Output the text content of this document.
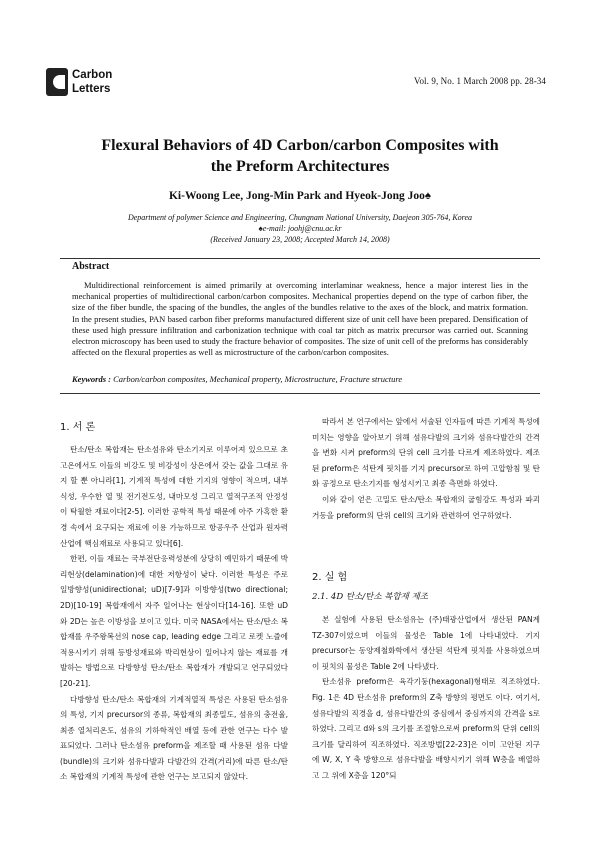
Carbon
Letters
Vol. 9, No. 1 March 2008 pp. 28-34
Flexural Behaviors of 4D Carbon/carbon Composites with
the Preform Architectures
Ki-Woong Lee, Jong-Min Park and Hyeok-Jong Joo♠
Department of polymer Science and Engineering, Chungnam National University, Daejeon 305-764, Korea
♠e-mail: joohj@cnu.ac.kr
(Received January 23, 2008; Accepted March 14, 2008)
Abstract
Multidirectional reinforcement is aimed primarily at overcoming interlaminar weakness, hence a major interest lies in the mechanical properties of multidirectional carbon/carbon composites. Mechanical properties depend on the type of carbon fiber, the size of the fiber bundle, the spacing of the bundles, the angles of the bundles relative to the axes of the block, and matrix formation. In the present studies, PAN based carbon fiber preforms manufactured different size of unit cell have been prepared. Densification of these used high pressure infiltration and carbonization technique with coal tar pitch as matrix precursor was carried out. Scanning electron microscopy has been used to study the fracture behavior of composites. The size of unit cell of the preforms has considerably affected on the flexural properties as well as microstructure of the carbon/carbon composites.
Keywords : Carbon/carbon composites, Mechanical property, Microstructure, Fracture structure
1. 서 론

탄소/탄소 복합재는 탄소섬유와 탄소기지로 이루어져 있으므로 초고온에서도 이들의 비강도 및 비강성이 상온에서 갖는 값을 그대로 유지 할 뿐 아니라[1], 기계적 특성에 대한 기지의 영향이 적으며, 내부식성, 우수한 열 및 전기전도성, 내마모성 그리고 열적구조적 안정성이 탁월한 재료이다[2-5]. 이러한 공학적 특성 때문에 아주 가혹한 환경 속에서 요구되는 재료에 이용 가능하므로 항공우주 산업과 원자력산업에 핵심재료로 사용되고 있다[6].

한편, 이들 재료는 국부전단응력성분에 상당히 예민하기 때문에 박리현상(delamination)에 대한 저항성이 낮다. 이러한 특성은 주로 일방향성(unidirectional; uD)[7-9]과 이방향성(two directional; 2D)[10-19] 복합재에서 자주 일어나는 현상이다[14-16]. 또한 uD와 2D는 높은 이방성을 보이고 있다. 미국 NASA에서는 탄소/탄소 복합재를 우주왕복선의 nose cap, leading edge 그리고 로켓 노즐에 적용시키기 위해 등방성재료와 박리현상이 일어나지 않는 재료를 개발하는 방법으로 다방향성 탄소/탄소 복합재가 개발되고 연구되었다[20-21].

다방향성 탄소/탄소 복합재의 기계적열적 특성은 사용된 탄소섬유의 특성, 기지 precursor의 종류, 복합재의 최종밀도, 섬유의 충전율, 최종 열처리온도, 섬유의 기하학적인 배열 등에 관한 연구는 다수 발표되었다. 그러나 탄소섬유 preform을 제조할 때 사용된 섬유 다발(bundle)의 크기와 섬유다발과 다발간의 간격(거리)에 따른 탄소/탄소 복합재의 기계적 특성에 관한 연구는 보고되지 않았다.

따라서 본 연구에서는 앞에서 서술된 인자들에 따른 기계적 특성에 미치는 영향을 알아보기 위해 섬유다발의 크기와 섬유다발간의 간격을 변화 시켜 preform의 단위 cell 크기를 다르게 제조하였다. 제조된 preform은 석탄계 핏치를 기지 precursor로 하여 고압함침 및 탄화 공정으로 탄소기지를 형성시키고 최종 측면화 하였다.

이와 같이 얻은 고밀도 탄소/탄소 복합재의 굽힘강도 특성과 파괴거동을 preform의 단위 cell의 크기와 관련하여 연구하였다.

2. 실 험
2.1. 4D 탄소/탄소 복합재 제조

본 실험에 사용된 탄소섬유는 (주)태광산업에서 생산된 PAN계 TZ-307이었으며 이들의 물성은 Table 1에 나타내었다. 기지 precursor는 동양제철화학에서 생산된 석탄계 핏치를 사용하였으며 이 핏치의 물성은 Table 2에 나타냈다.

탄소섬유 preform은 육각기둥(hexagonal)형태로 직조하였다. Fig. 1은 4D 탄소섬유 preform의 Z축 방향의 평면도 이다. 여기서, 섬유다발의 직경을 d, 섬유다발간의 중심에서 중심까지의 간격을 s로 하였다. 그리고 d와 s의 크기를 조절함으로써 preform의 단위 cell의 크기를 달리하여 직조하였다. 직조방법[22-23]은 이미 고안된 지구에 W, X, Y 축 방향으로 섬유다발을 배향시키기 위해 W층을 배열하고 그 위에 X층을 120°되
